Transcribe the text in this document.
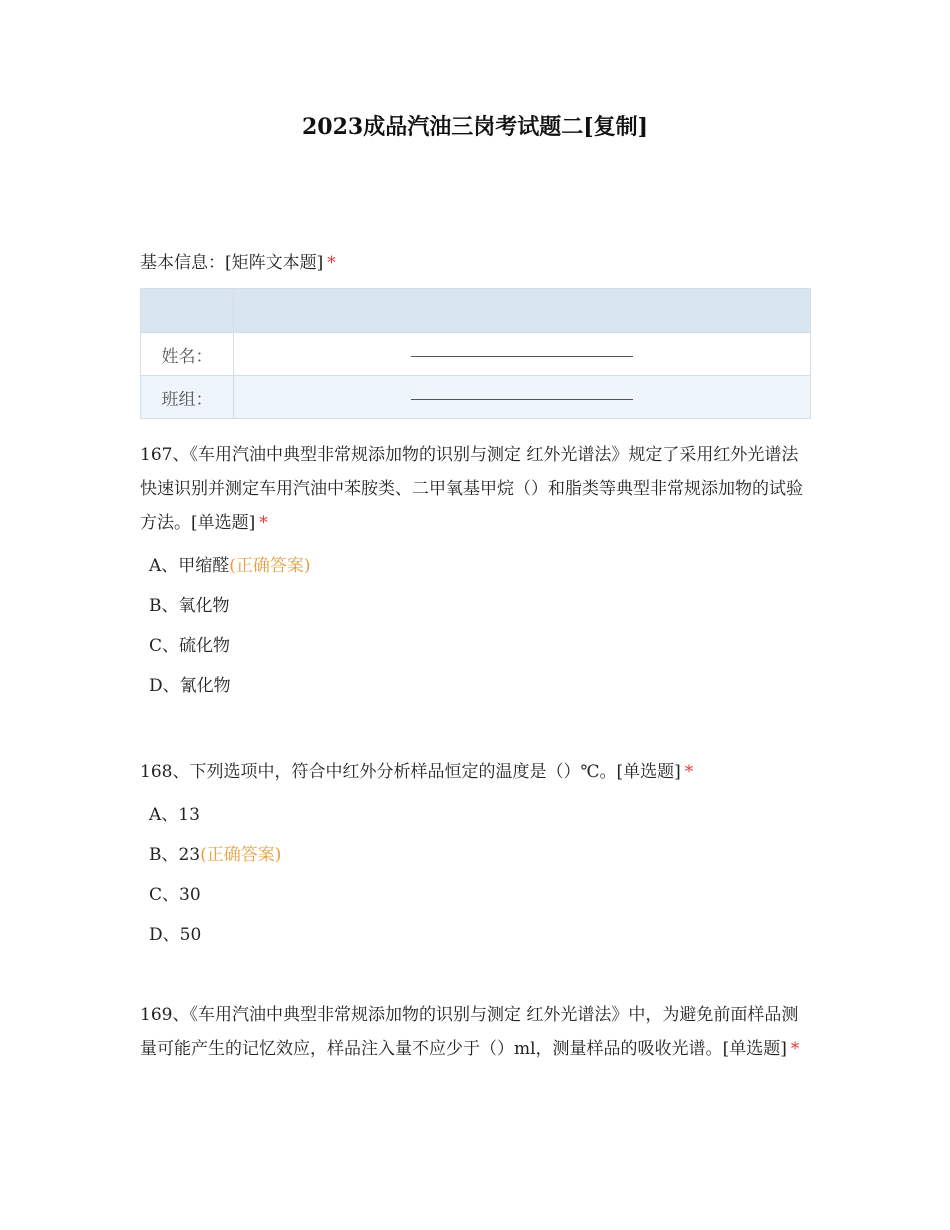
2023成品汽油三岗考试题二[复制]
基本信息：[矩阵文本题] *

姓名：	
班组：	
167、《车用汽油中典型非常规添加物的识别与测定 红外光谱法》规定了采用红外光谱法快速识别并测定车用汽油中苯胺类、二甲氧基甲烷（）和脂类等典型非常规添加物的试验方法。[单选题] *
A、甲缩醛(正确答案)
B、氧化物
C、硫化物
D、氰化物
168、下列选项中，符合中红外分析样品恒定的温度是（）℃。[单选题] *
A、13
B、23(正确答案)
C、30
D、50
169、《车用汽油中典型非常规添加物的识别与测定 红外光谱法》中，为避免前面样品测量可能产生的记忆效应，样品注入量不应少于（）ml，测量样品的吸收光谱。[单选题] *
